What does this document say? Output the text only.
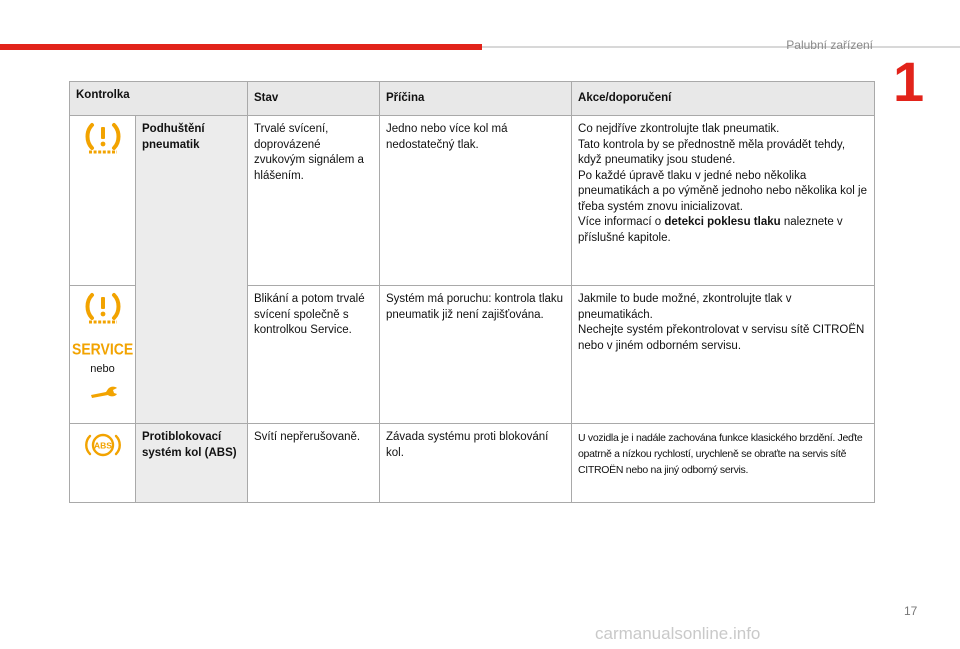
Palubní zařízení
1
Kontrolka		Stav	Příčina	Akce/doporučení

	Podhuštění pneumatik	Trvalé svícení, doprovázené zvukovým signálem a hlášením.	Jedno nebo více kol má nedostatečný tlak.	Co nejdříve zkontrolujte tlak pneumatik.
Tato kontrola by se přednostně měla provádět tehdy, když pneumatiky jsou studené.
Po každé úpravě tlaku v jedné nebo několika pneumatikách a po výměně jednoho nebo několika kol je třeba systém znovu inicializovat.
Více informací o detekci poklesu tlaku naleznete v příslušné kapitole.

SERVICE
nebo		Blikání a potom trvalé svícení společně s kontrolkou Service.	Systém má poruchu: kontrola tlaku pneumatik již není zajišťována.	Jakmile to bude možné, zkontrolujte tlak v pneumatikách.
Nechejte systém překontrolovat v servisu sítě CITROËN nebo v jiném odborném servisu.

ABS	Protiblokovací systém kol (ABS)	Svítí nepřerušovaně.	Závada systému proti blokování kol.	U vozidla je i nadále zachována funkce klasického brzdění. Jeďte opatrně a nízkou rychlostí, urychleně se obraťte na servis sítě CITROËN nebo na jiný odborný servis.
17
carmanualsonline.info
